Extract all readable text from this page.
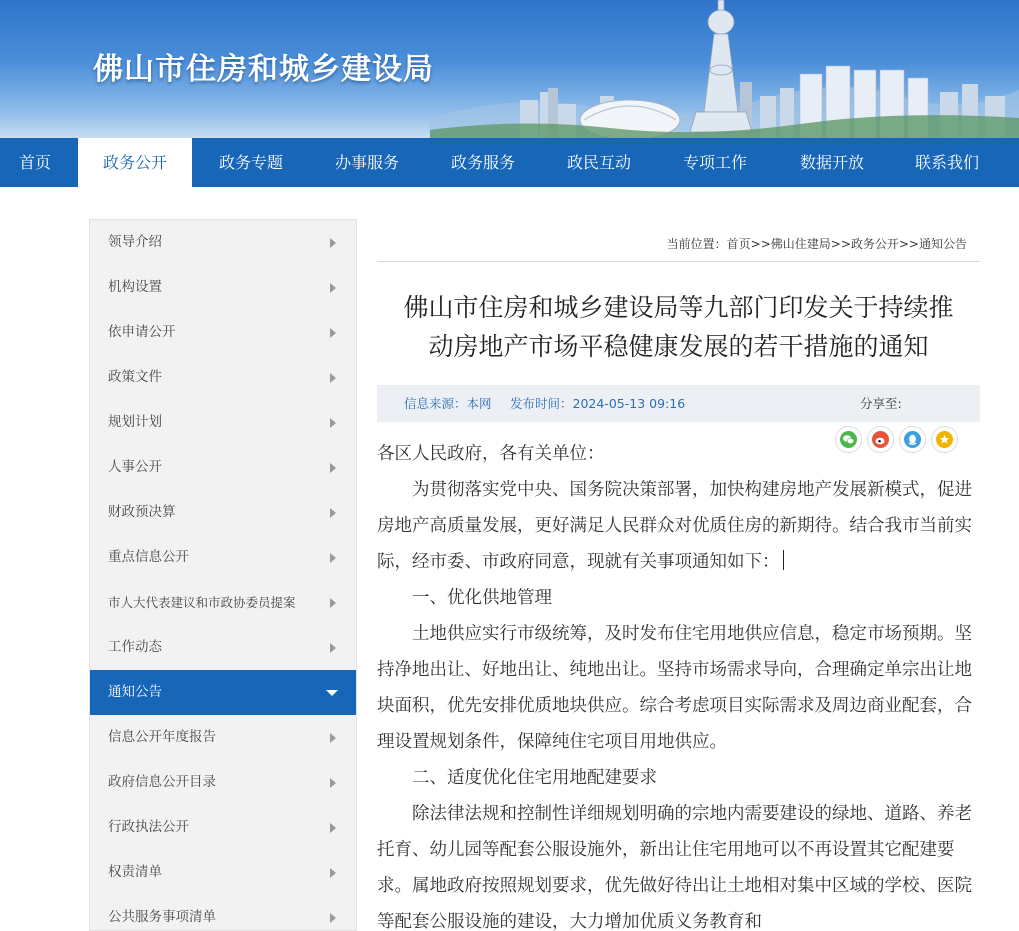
佛山市住房和城乡建设局
首页	政务公开	政务专题	办事服务	政务服务	政民互动	专项工作	数据开放	联系我们
领导介绍
机构设置
依申请公开
政策文件
规划计划
人事公开
财政预决算
重点信息公开
市人大代表建议和市政协委员提案
工作动态
通知公告
信息公开年度报告
政府信息公开目录
行政执法公开
权责清单
公共服务事项清单
当前位置：首页>>佛山住建局>>政务公开>>通知公告
佛山市住房和城乡建设局等九部门印发关于持续推
动房地产市场平稳健康发展的若干措施的通知
信息来源：本网 发布时间：2024-05-13 09:16	分享至:

各区人民政府，各有关单位：

为贯彻落实党中央、国务院决策部署，加快构建房地产发展新模式，促进房地产高质量发展，更好满足人民群众对优质住房的新期待。结合我市当前实际，经市委、市政府同意，现就有关事项通知如下：

一、优化供地管理

土地供应实行市级统筹，及时发布住宅用地供应信息，稳定市场预期。坚持净地出让、好地出让、纯地出让。坚持市场需求导向，合理确定单宗出让地块面积，优先安排优质地块供应。综合考虑项目实际需求及周边商业配套，合理设置规划条件，保障纯住宅项目用地供应。

二、适度优化住宅用地配建要求

除法律法规和控制性详细规划明确的宗地内需要建设的绿地、道路、养老托育、幼儿园等配套公服设施外，新出让住宅用地可以不再设置其它配建要求。属地政府按照规划要求，优先做好待出让土地相对集中区域的学校、医院等配套公服设施的建设，大力增加优质义务教育和
